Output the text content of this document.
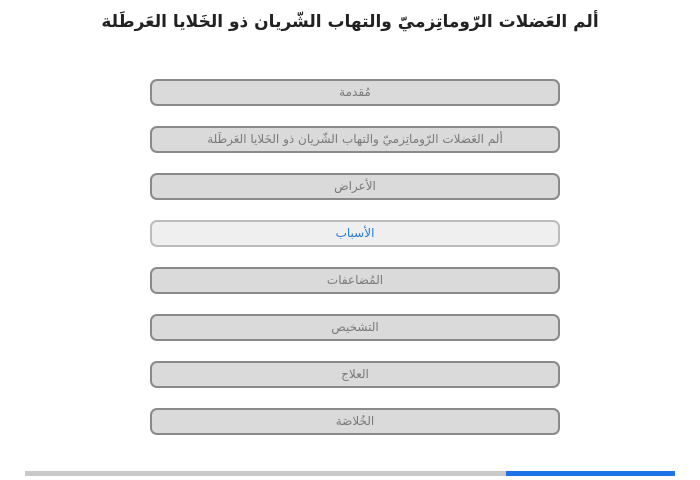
ألم العَضلات الرّوماتِزميّ والتهاب الشّريان ذو الخَلايا العَرطَلة
مُقدمة
ألم العَضلات الرّوماتِزميّ والتهاب الشّريان ذو الخَلايا العَرطَلة
الأعراض
الأسباب
المُضاعفات
التشخيص
العلاج
الخُلاصَة
